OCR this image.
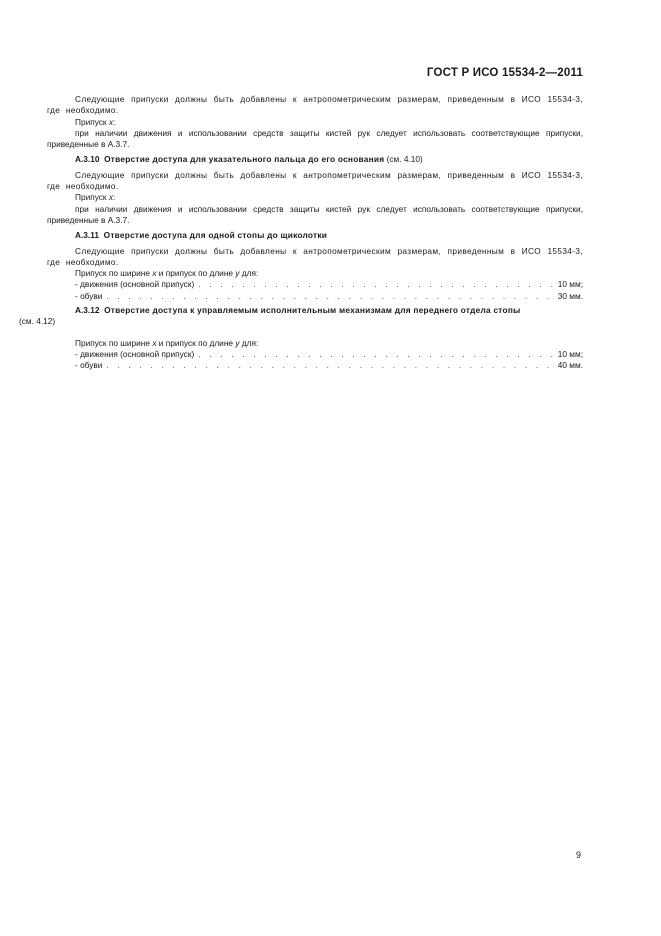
ГОСТ Р ИСО 15534-2—2011

Следующие припуски должны быть добавлены к антропометрическим размерам, приведенным в ИСО 15534-3, где необходимо.

Припуск x:

при наличии движения и использовании средств защиты кистей рук следует использовать соответствующие припуски, приведенные в А.3.7.

А.3.10 Отверстие доступа для указательного пальца до его основания (см. 4.10)

Следующие припуски должны быть добавлены к антропометрическим размерам, приведенным в ИСО 15534-3, где необходимо.

Припуск x:

при наличии движения и использовании средств защиты кистей рук следует использовать соответствующие припуски, приведенные в А.3.7.

А.3.11 Отверстие доступа для одной стопы до щиколотки

Следующие припуски должны быть добавлены к антропометрическим размерам, приведенным в ИСО 15534-3, где необходимо.

Припуск по ширине x и припуск по длине y для:

- движения (основной припуск) . . .	10 мм;
- обуви . . .	30 мм.

А.3.12 Отверстие доступа к управляемым исполнительным механизмам для переднего отдела стопы
(см. 4.12)

Припуск по ширине x и припуск по длине y для:

- движения (основной припуск) . . .	10 мм;
- обуви . . .	40 мм.
9
